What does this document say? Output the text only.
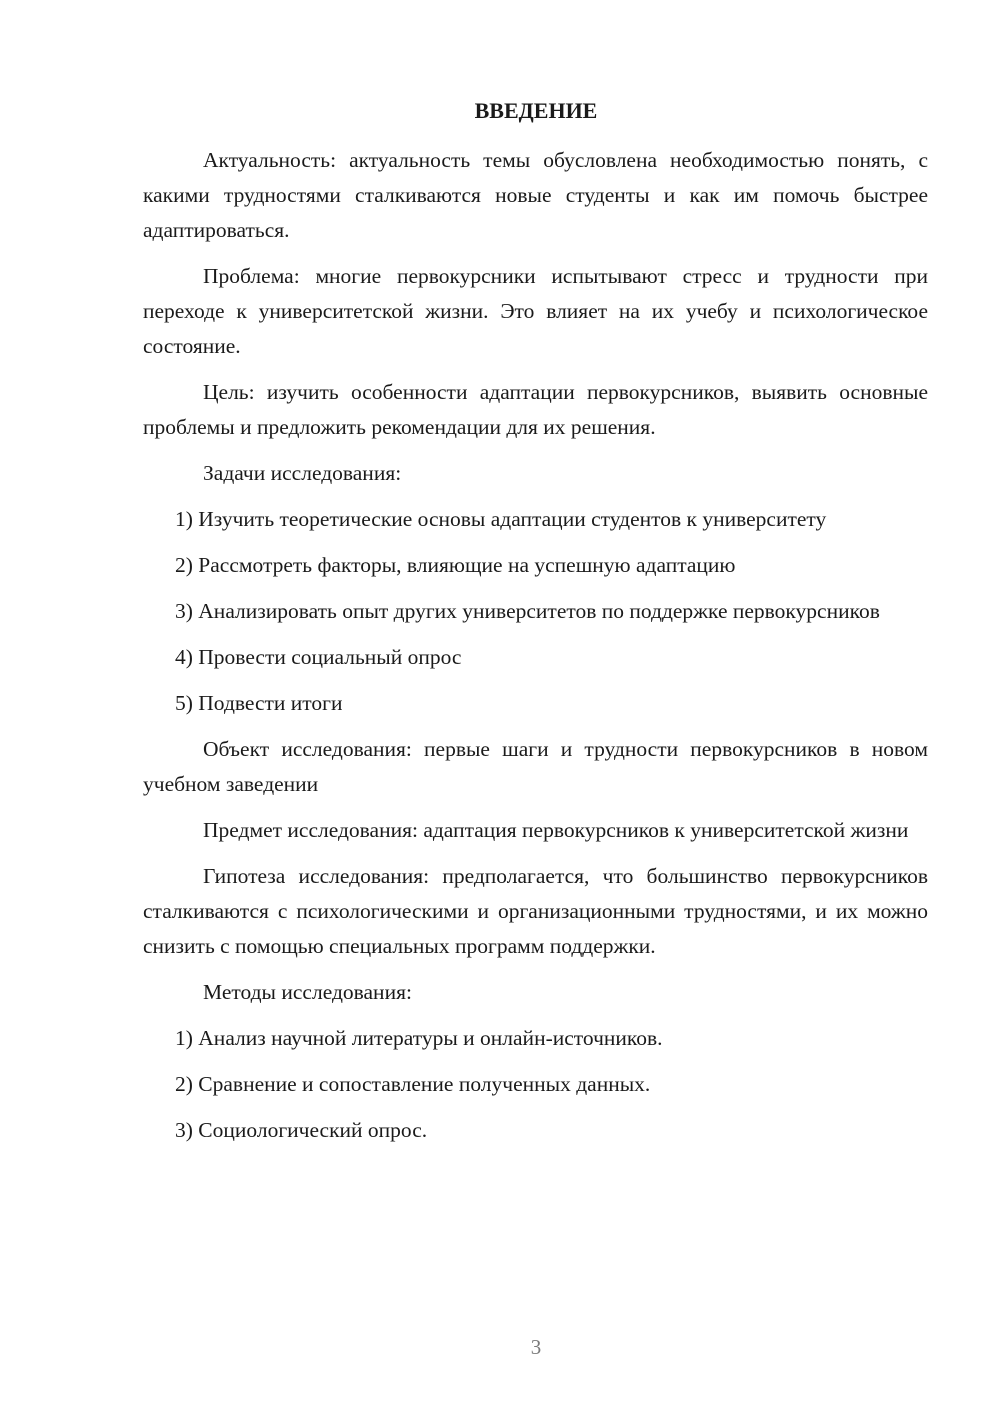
ВВЕДЕНИЕ

Актуальность: актуальность темы обусловлена необходимостью понять, с какими трудностями сталкиваются новые студенты и как им помочь быстрее адаптироваться.

Проблема: многие первокурсники испытывают стресс и трудности при переходе к университетской жизни. Это влияет на их учебу и психологическое состояние.

Цель: изучить особенности адаптации первокурсников, выявить основные проблемы и предложить рекомендации для их решения.

Задачи исследования:

1) Изучить теоретические основы адаптации студентов к университету

2) Рассмотреть факторы, влияющие на успешную адаптацию

3) Анализировать опыт других университетов по поддержке первокурсников

4) Провести социальный опрос

5) Подвести итоги

Объект исследования: первые шаги и трудности первокурсников в новом учебном заведении

Предмет исследования: адаптация первокурсников к университетской жизни

Гипотеза исследования: предполагается, что большинство первокурсников сталкиваются с психологическими и организационными трудностями, и их можно снизить с помощью специальных программ поддержки.

Методы исследования:

1) Анализ научной литературы и онлайн-источников.

2) Сравнение и сопоставление полученных данных.

3) Социологический опрос.

3
